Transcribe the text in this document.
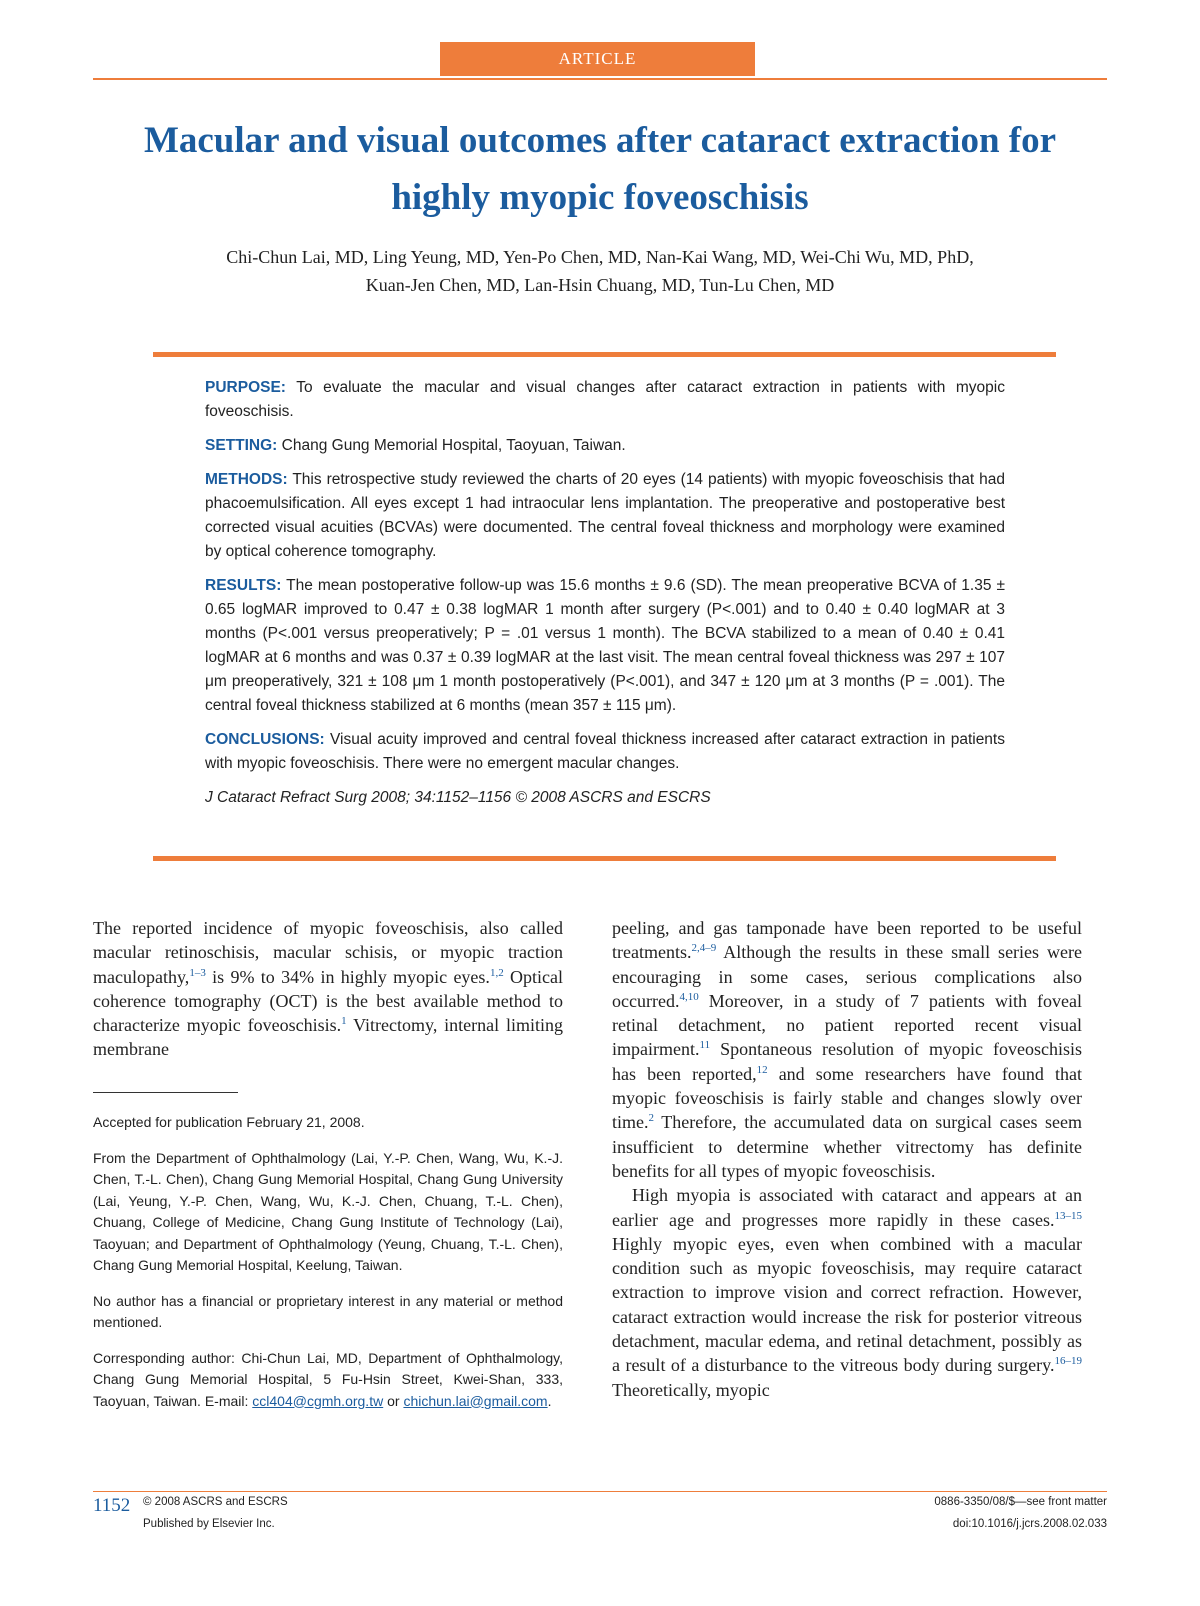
ARTICLE
Macular and visual outcomes after cataract extraction for highly myopic foveoschisis
Chi-Chun Lai, MD, Ling Yeung, MD, Yen-Po Chen, MD, Nan-Kai Wang, MD, Wei-Chi Wu, MD, PhD,
Kuan-Jen Chen, MD, Lan-Hsin Chuang, MD, Tun-Lu Chen, MD

PURPOSE: To evaluate the macular and visual changes after cataract extraction in patients with myopic foveoschisis.

SETTING: Chang Gung Memorial Hospital, Taoyuan, Taiwan.

METHODS: This retrospective study reviewed the charts of 20 eyes (14 patients) with myopic foveoschisis that had phacoemulsification. All eyes except 1 had intraocular lens implantation. The preoperative and postoperative best corrected visual acuities (BCVAs) were documented. The central foveal thickness and morphology were examined by optical coherence tomography.

RESULTS: The mean postoperative follow-up was 15.6 months ± 9.6 (SD). The mean preoperative BCVA of 1.35 ± 0.65 logMAR improved to 0.47 ± 0.38 logMAR 1 month after surgery (P<.001) and to 0.40 ± 0.40 logMAR at 3 months (P<.001 versus preoperatively; P = .01 versus 1 month). The BCVA stabilized to a mean of 0.40 ± 0.41 logMAR at 6 months and was 0.37 ± 0.39 logMAR at the last visit. The mean central foveal thickness was 297 ± 107 μm preoperatively, 321 ± 108 μm 1 month postoperatively (P<.001), and 347 ± 120 μm at 3 months (P = .001). The central foveal thickness stabilized at 6 months (mean 357 ± 115 μm).

CONCLUSIONS: Visual acuity improved and central foveal thickness increased after cataract extraction in patients with myopic foveoschisis. There were no emergent macular changes.

J Cataract Refract Surg 2008; 34:1152–1156 © 2008 ASCRS and ESCRS

The reported incidence of myopic foveoschisis, also called macular retinoschisis, macular schisis, or myopic traction maculopathy,$^{1-3}$ is 9% to 34% in highly myopic eyes.$^{1,2}$ Optical coherence tomography (OCT) is the best available method to characterize myopic foveoschisis.$^1$ Vitrectomy, internal limiting membrane

Accepted for publication February 21, 2008.

From the Department of Ophthalmology (Lai, Y.-P. Chen, Wang, Wu, K.-J. Chen, T.-L. Chen), Chang Gung Memorial Hospital, Chang Gung University (Lai, Yeung, Y.-P. Chen, Wang, Wu, K.-J. Chen, Chuang, T.-L. Chen), Chuang, College of Medicine, Chang Gung Institute of Technology (Lai), Taoyuan; and Department of Ophthalmology (Yeung, Chuang, T.-L. Chen), Chang Gung Memorial Hospital, Keelung, Taiwan.

No author has a financial or proprietary interest in any material or method mentioned.

Corresponding author: Chi-Chun Lai, MD, Department of Ophthalmology, Chang Gung Memorial Hospital, 5 Fu-Hsin Street, Kwei-Shan, 333, Taoyuan, Taiwan. E-mail: ccl404@cgmh.org.tw or chichun.lai@gmail.com.

peeling, and gas tamponade have been reported to be useful treatments.$^{2,4-9}$ Although the results in these small series were encouraging in some cases, serious complications also occurred.$^{4,10}$ Moreover, in a study of 7 patients with foveal retinal detachment, no patient reported recent visual impairment.$^{11}$ Spontaneous resolution of myopic foveoschisis has been reported,$^{12}$ and some researchers have found that myopic foveoschisis is fairly stable and changes slowly over time.$^2$ Therefore, the accumulated data on surgical cases seem insufficient to determine whether vitrectomy has definite benefits for all types of myopic foveoschisis.

High myopia is associated with cataract and appears at an earlier age and progresses more rapidly in these cases.$^{13-15}$ Highly myopic eyes, even when combined with a macular condition such as myopic foveoschisis, may require cataract extraction to improve vision and correct refraction. However, cataract extraction would increase the risk for posterior vitreous detachment, macular edema, and retinal detachment, possibly as a result of a disturbance to the vitreous body during surgery.$^{16-19}$ Theoretically, myopic

1152 © 2008 ASCRS and ESCRS
Published by Elsevier Inc.
0886-3350/08/$—see front matter
doi:10.1016/j.jcrs.2008.02.033
